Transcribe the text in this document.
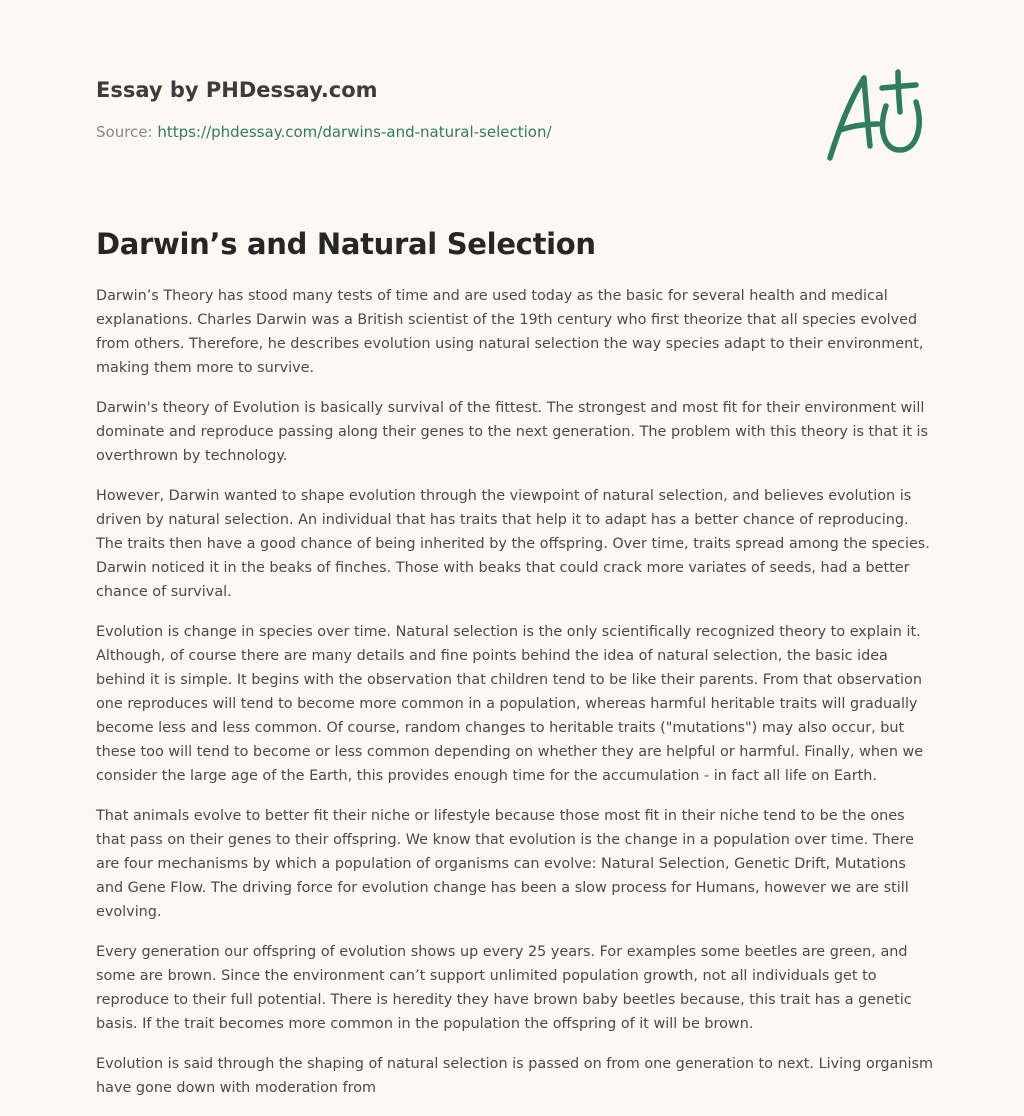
Essay by PHDessay.com
Source: https://phdessay.com/darwins-and-natural-selection/
Darwin’s and Natural Selection

Darwin’s Theory has stood many tests of time and are used today as the basic for several health and medical explanations. Charles Darwin was a British scientist of the 19th century who first theorize that all species evolved from others. Therefore, he describes evolution using natural selection the way species adapt to their environment, making them more to survive.

Darwin's theory of Evolution is basically survival of the fittest. The strongest and most fit for their environment will dominate and reproduce passing along their genes to the next generation. The problem with this theory is that it is overthrown by technology.

However, Darwin wanted to shape evolution through the viewpoint of natural selection, and believes evolution is driven by natural selection. An individual that has traits that help it to adapt has a better chance of reproducing. The traits then have a good chance of being inherited by the offspring. Over time, traits spread among the species. Darwin noticed it in the beaks of finches. Those with beaks that could crack more variates of seeds, had a better chance of survival.

Evolution is change in species over time. Natural selection is the only scientifically recognized theory to explain it. Although, of course there are many details and fine points behind the idea of natural selection, the basic idea behind it is simple. It begins with the observation that children tend to be like their parents. From that observation one reproduces will tend to become more common in a population, whereas harmful heritable traits will gradually become less and less common. Of course, random changes to heritable traits ("mutations") may also occur, but these too will tend to become or less common depending on whether they are helpful or harmful. Finally, when we consider the large age of the Earth, this provides enough time for the accumulation - in fact all life on Earth.

That animals evolve to better fit their niche or lifestyle because those most fit in their niche tend to be the ones that pass on their genes to their offspring. We know that evolution is the change in a population over time. There are four mechanisms by which a population of organisms can evolve: Natural Selection, Genetic Drift, Mutations and Gene Flow. The driving force for evolution change has been a slow process for Humans, however we are still evolving.

Every generation our offspring of evolution shows up every 25 years. For examples some beetles are green, and some are brown. Since the environment can’t support unlimited population growth, not all individuals get to reproduce to their full potential. There is heredity they have brown baby beetles because, this trait has a genetic basis. If the trait becomes more common in the population the offspring of it will be brown.

Evolution is said through the shaping of natural selection is passed on from one generation to next. Living organism have gone down with moderation from
